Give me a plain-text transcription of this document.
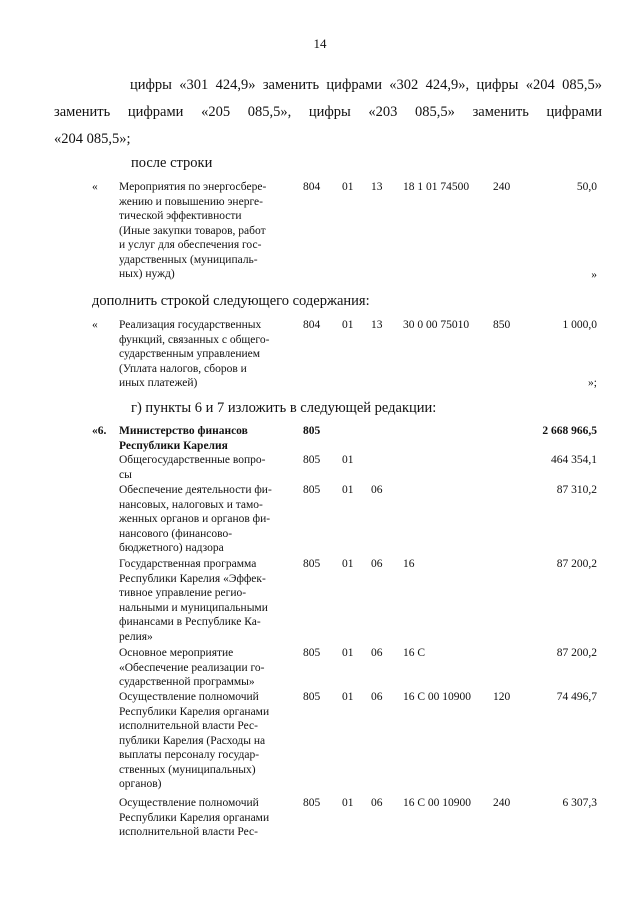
14
цифры «301 424,9» заменить цифрами «302 424,9», цифры «204 085,5»
заменить цифрами «205 085,5», цифры «203 085,5» заменить цифрами
«204 085,5»;
после строки
« Мероприятия по энергосбере-
жению и повышению энерге-
тической эффективности
(Иные закупки товаров, работ
и услуг для обеспечения гос-
ударственных (муниципаль-
ных) нужд)
804 01 13 18 1 01 74500 240	50,0
»
дополнить строкой следующего содержания:
« Реализация государственных
функций, связанных с общего-
сударственным управлением
(Уплата налогов, сборов и
иных платежей)
804 01 13 30 0 00 75010 850	1 000,0
»;
г) пункты 6 и 7 изложить в следующей редакции:
«6. Министерство финансов
Республики Карелия
805	2 668 966,5
Общегосударственные вопро-
сы
805 01	464 354,1
Обеспечение деятельности фи-
нансовых, налоговых и тамо-
женных органов и органов фи-
нансового (финансово-
бюджетного) надзора
805 01 06	87 310,2
Государственная программа
Республики Карелия «Эффек-
тивное управление регио-
нальными и муниципальными
финансами в Республике Ка-
релия»
805 01 06 16	87 200,2
Основное мероприятие
«Обеспечение реализации го-
сударственной программы»
805 01 06 16 С	87 200,2
Осуществление полномочий
Республики Карелия органами
исполнительной власти Рес-
публики Карелия (Расходы на
выплаты персоналу государ-
ственных (муниципальных)
органов)
805 01 06 16 С 00 10900 120	74 496,7
Осуществление полномочий
Республики Карелия органами
исполнительной власти Рес-
805 01 06 16 С 00 10900 240	6 307,3
